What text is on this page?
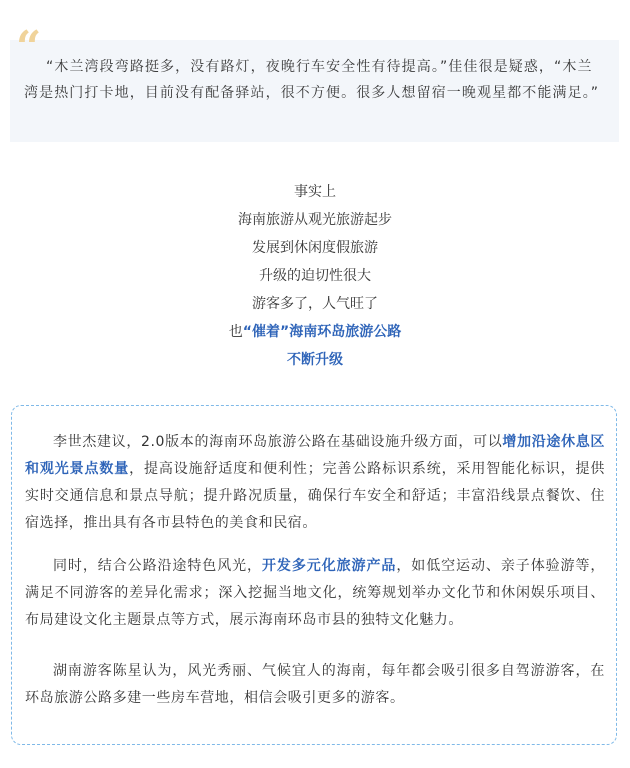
“ “木兰湾段弯路挺多，没有路灯，夜晚行车安全性有待提高。”佳佳很是疑惑，“木兰湾是热门打卡地，目前没有配备驿站，很不方便。很多人想留宿一晚观星都不能满足。”
事实上
海南旅游从观光旅游起步
发展到休闲度假旅游
升级的迫切性很大
游客多了，人气旺了
也“催着”海南环岛旅游公路
不断升级
李世杰建议，2.0版本的海南环岛旅游公路在基础设施升级方面，可以增加沿途休息区和观光景点数量，提高设施舒适度和便利性；完善公路标识系统，采用智能化标识，提供实时交通信息和景点导航；提升路况质量，确保行车安全和舒适；丰富沿线景点餐饮、住宿选择，推出具有各市县特色的美食和民宿。
同时，结合公路沿途特色风光，开发多元化旅游产品，如低空运动、亲子体验游等，满足不同游客的差异化需求；深入挖掘当地文化，统筹规划举办文化节和休闲娱乐项目、布局建设文化主题景点等方式，展示海南环岛市县的独特文化魅力。
湖南游客陈星认为，风光秀丽、气候宜人的海南，每年都会吸引很多自驾游游客，在环岛旅游公路多建一些房车营地，相信会吸引更多的游客。
